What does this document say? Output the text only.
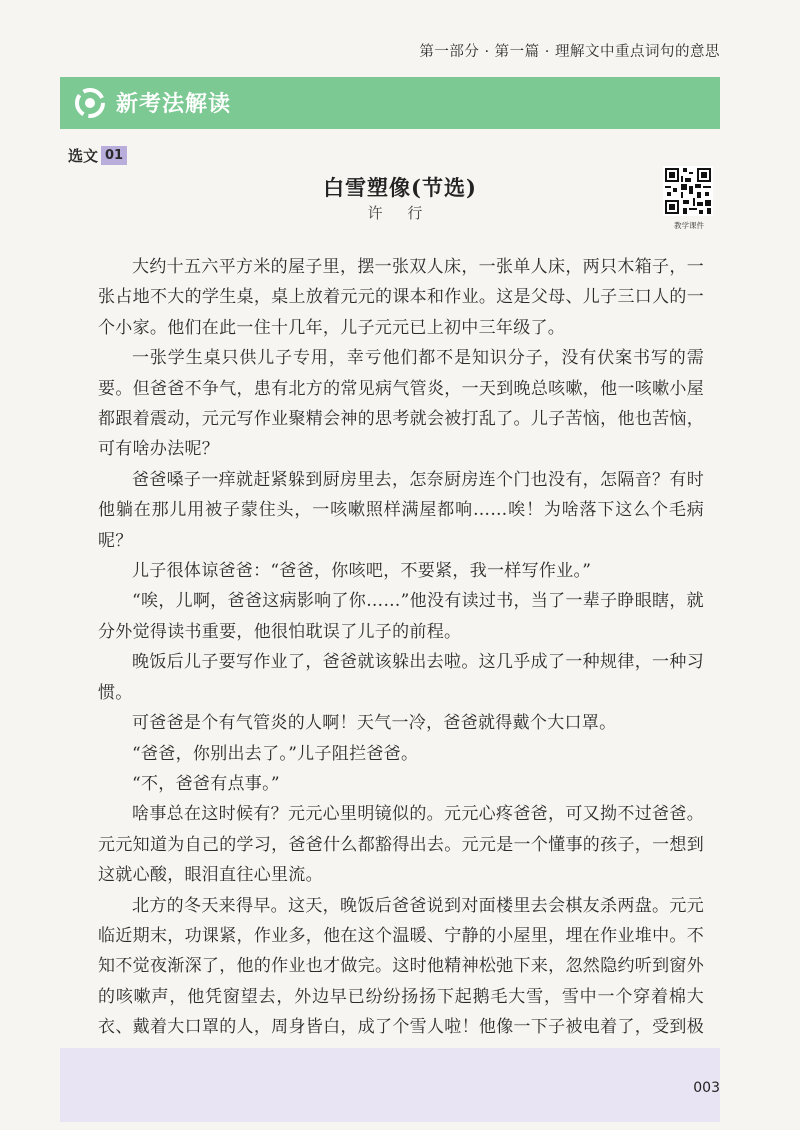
第一部分 · 第一篇 · 理解文中重点词句的意思
新考法解读
选文 01
白雪塑像(节选)
许 行
教学课件

大约十五六平方米的屋子里，摆一张双人床，一张单人床，两只木箱子，一张占地不大的学生桌，桌上放着元元的课本和作业。这是父母、儿子三口人的一个小家。他们在此一住十几年，儿子元元已上初中三年级了。

一张学生桌只供儿子专用，幸亏他们都不是知识分子，没有伏案书写的需要。但爸爸不争气，患有北方的常见病气管炎，一天到晚总咳嗽，他一咳嗽小屋都跟着震动，元元写作业聚精会神的思考就会被打乱了。儿子苦恼，他也苦恼，可有啥办法呢？

爸爸嗓子一痒就赶紧躲到厨房里去，怎奈厨房连个门也没有，怎隔音？有时他躺在那儿用被子蒙住头，一咳嗽照样满屋都响……唉！为啥落下这么个毛病呢？

儿子很体谅爸爸：“爸爸，你咳吧，不要紧，我一样写作业。”

“唉，儿啊，爸爸这病影响了你……”他没有读过书，当了一辈子睁眼瞎，就分外觉得读书重要，他很怕耽误了儿子的前程。

晚饭后儿子要写作业了，爸爸就该躲出去啦。这几乎成了一种规律，一种习惯。

可爸爸是个有气管炎的人啊！天气一冷，爸爸就得戴个大口罩。

“爸爸，你别出去了。”儿子阻拦爸爸。

“不，爸爸有点事。”

啥事总在这时候有？元元心里明镜似的。元元心疼爸爸，可又拗不过爸爸。元元知道为自己的学习，爸爸什么都豁得出去。元元是一个懂事的孩子，一想到这就心酸，眼泪直往心里流。

北方的冬天来得早。这天，晚饭后爸爸说到对面楼里去会棋友杀两盘。元元临近期末，功课紧，作业多，他在这个温暖、宁静的小屋里，埋在作业堆中。不知不觉夜渐深了，他的作业也才做完。这时他精神松弛下来，忽然隐约听到窗外的咳嗽声，他凭窗望去，外边早已纷纷扬扬下起鹅毛大雪，雪中一个穿着棉大衣、戴着大口罩的人，周身皆白，成了个雪人啦！他像一下子被电着了，受到极

003
